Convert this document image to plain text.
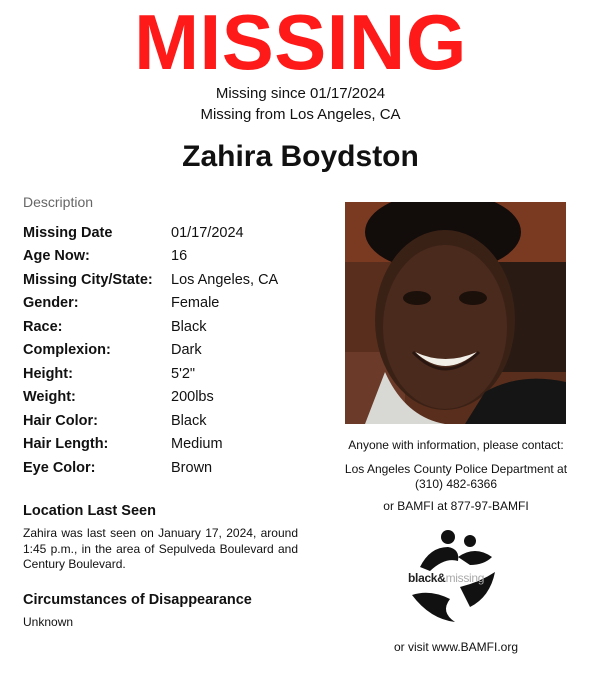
MISSING
Missing since 01/17/2024
Missing from Los Angeles, CA
Zahira Boydston
Description
Missing Date	01/17/2024
Age Now:	16
Missing City/State:	Los Angeles, CA
Gender:	Female
Race:	Black
Complexion:	Dark
Height:	5'2"
Weight:	200lbs
Hair Color:	Black
Hair Length:	Medium
Eye Color:	Brown
Location Last Seen
Zahira was last seen on January 17, 2024, around 1:45 p.m., in the area of Sepulveda Boulevard and Century Boulevard.
Circumstances of Disappearance
Unknown
Anyone with information, please contact:
Los Angeles County Police Department at
(310) 482-6366
or BAMFI at 877-97-BAMFI
black&missing
or visit www.BAMFI.org
